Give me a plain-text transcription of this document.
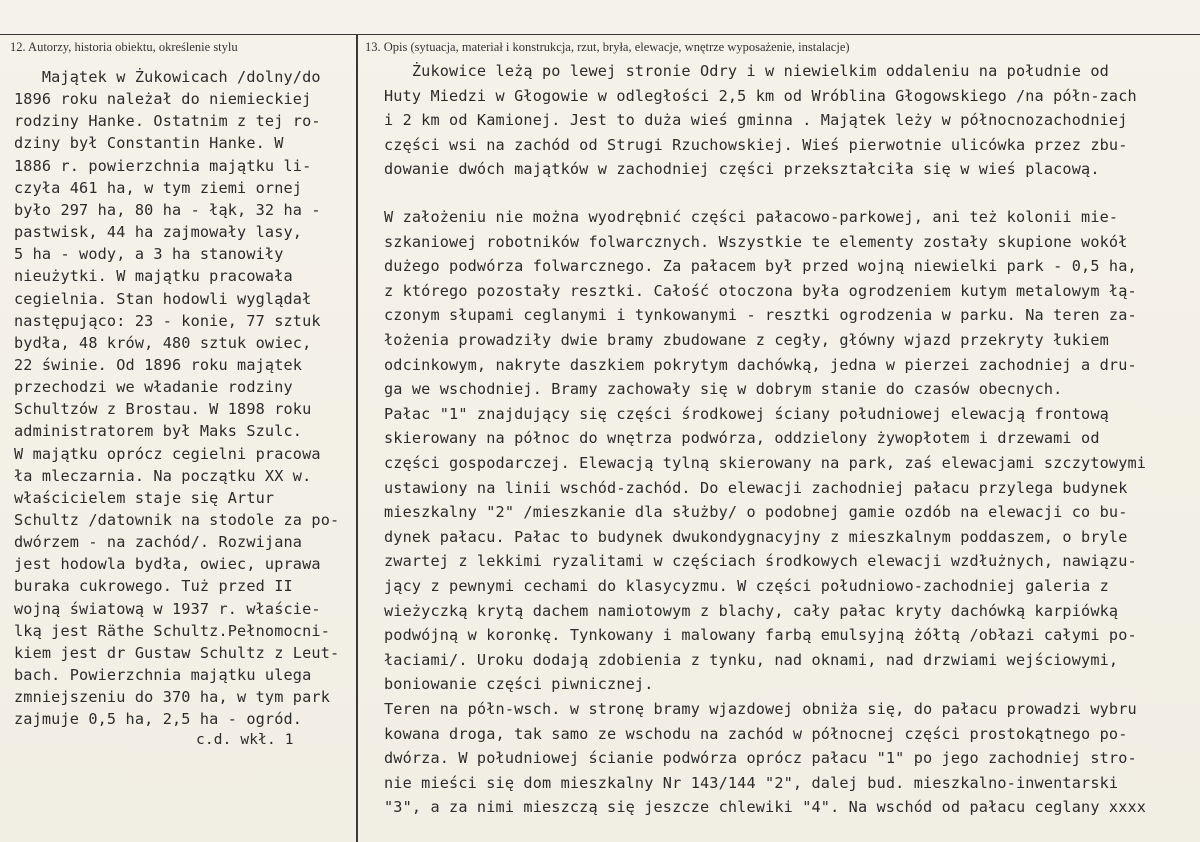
12. Autorzy, historia obiektu, określenie stylu	13. Opis (sytuacja, materiał i konstrukcja, rzut, bryła, elewacje, wnętrze wyposażenie, instalacje)
Majątek w Żukowicach /dolny/do
1896 roku należał do niemieckiej
rodziny Hanke. Ostatnim z tej ro-
dziny był Constantin Hanke. W
1886 r. powierzchnia majątku li-
czyła 461 ha, w tym ziemi ornej
było 297 ha, 80 ha - łąk, 32 ha -
pastwisk, 44 ha zajmowały lasy,
5 ha - wody, a 3 ha stanowiły
nieużytki. W majątku pracowała
cegielnia. Stan hodowli wyglądał
następująco: 23 - konie, 77 sztuk
bydła, 48 krów, 480 sztuk owiec,
22 świnie. Od 1896 roku majątek
przechodzi we władanie rodziny
Schultzów z Brostau. W 1898 roku
administratorem był Maks Szulc.
W majątku oprócz cegielni pracowa
ła mleczarnia. Na początku XX w.
właścicielem staje się Artur
Schultz /datownik na stodole za po-
dwórzem - na zachód/. Rozwijana
jest hodowla bydła, owiec, uprawa
buraka cukrowego. Tuż przed II
wojną światową w 1937 r. właście-
lką jest Räthe Schultz.Pełnomocni-
kiem jest dr Gustaw Schultz z Leut-
bach. Powierzchnia majątku ulega
zmniejszeniu do 370 ha, w tym park
zajmuje 0,5 ha, 2,5 ha - ogród.
c.d. wkł. 1
Żukowice leżą po lewej stronie Odry i w niewielkim oddaleniu na południe od
Huty Miedzi w Głogowie w odległości 2,5 km od Wróblina Głogowskiego /na półn-zach
i 2 km od Kamionej. Jest to duża wieś gminna . Majątek leży w północnozachodniej
części wsi na zachód od Strugi Rzuchowskiej. Wieś pierwotnie ulicówka przez zbu-
dowanie dwóch majątków w zachodniej części przekształciła się w wieś placową.
W założeniu nie można wyodrębnić części pałacowo-parkowej, ani też kolonii mie-
szkaniowej robotników folwarcznych. Wszystkie te elementy zostały skupione wokół
dużego podwórza folwarcznego. Za pałacem był przed wojną niewielki park - 0,5 ha,
z którego pozostały resztki. Całość otoczona była ogrodzeniem kutym metalowym łą-
czonym słupami ceglanymi i tynkowanymi - resztki ogrodzenia w parku. Na teren za-
łożenia prowadziły dwie bramy zbudowane z cegły, główny wjazd przekryty łukiem
odcinkowym, nakryte daszkiem pokrytym dachówką, jedna w pierzei zachodniej a dru-
ga we wschodniej. Bramy zachowały się w dobrym stanie do czasów obecnych.
Pałac "1" znajdujący się części środkowej ściany południowej elewacją frontową
skierowany na północ do wnętrza podwórza, oddzielony żywopłotem i drzewami od
części gospodarczej. Elewacją tylną skierowany na park, zaś elewacjami szczytowymi
ustawiony na linii wschód-zachód. Do elewacji zachodniej pałacu przylega budynek
mieszkalny "2" /mieszkanie dla służby/ o podobnej gamie ozdób na elewacji co bu-
dynek pałacu. Pałac to budynek dwukondygnacyjny z mieszkalnym poddaszem, o bryle
zwartej z lekkimi ryzalitami w częściach środkowych elewacji wzdłużnych, nawiązu-
jący z pewnymi cechami do klasycyzmu. W części południowo-zachodniej galeria z
wieżyczką krytą dachem namiotowym z blachy, cały pałac kryty dachówką karpiówką
podwójną w koronkę. Tynkowany i malowany farbą emulsyjną żółtą /obłazi całymi po-
łaciami/. Uroku dodają zdobienia z tynku, nad oknami, nad drzwiami wejściowymi,
boniowanie części piwnicznej.
Teren na półn-wsch. w stronę bramy wjazdowej obniża się, do pałacu prowadzi wybru
kowana droga, tak samo ze wschodu na zachód w północnej części prostokątnego po-
dwórza. W południowej ścianie podwórza oprócz pałacu "1" po jego zachodniej stro-
nie mieści się dom mieszkalny Nr 143/144 "2", dalej bud. mieszkalno-inwentarski
"3", a za nimi mieszczą się jeszcze chlewiki "4". Na wschód od pałacu ceglany xxxx
